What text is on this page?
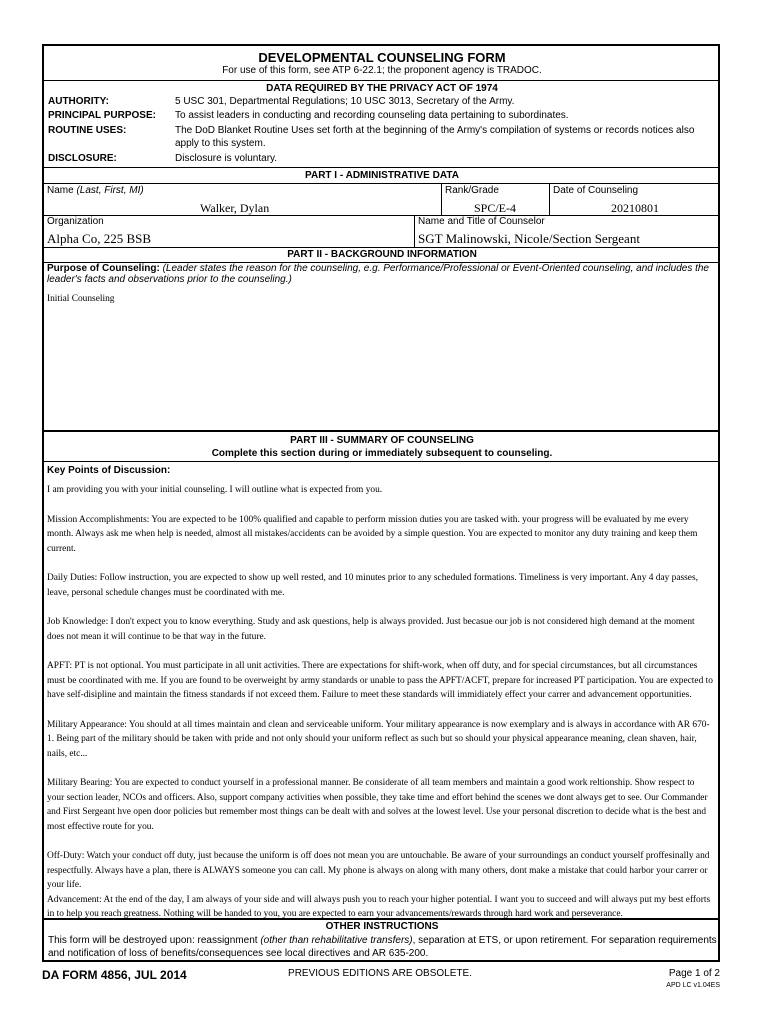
DEVELOPMENTAL COUNSELING FORM
For use of this form, see ATP 6-22.1; the proponent agency is TRADOC.
DATA REQUIRED BY THE PRIVACY ACT OF 1974
AUTHORITY:	5 USC 301, Departmental Regulations; 10 USC 3013, Secretary of the Army.
PRINCIPAL PURPOSE:	To assist leaders in conducting and recording counseling data pertaining to subordinates.
ROUTINE USES:	The DoD Blanket Routine Uses set forth at the beginning of the Army's compilation of systems or records notices also apply to this system.
DISCLOSURE:	Disclosure is voluntary.
PART I - ADMINISTRATIVE DATA
Name (Last, First, MI)
Walker, Dylan
Rank/Grade
SPC/E-4
Date of Counseling
20210801
Organization
Alpha Co, 225 BSB
Name and Title of Counselor
SGT Malinowski, Nicole/Section Sergeant
PART II - BACKGROUND INFORMATION
Purpose of Counseling: (Leader states the reason for the counseling, e.g. Performance/Professional or Event-Oriented counseling, and includes the leader's facts and observations prior to the counseling.)
Initial Counseling
PART III - SUMMARY OF COUNSELING
Complete this section during or immediately subsequent to counseling.
Key Points of Discussion:

I am providing you with your initial counseling. I will outline what is expected from you.

Mission Accomplishments: You are expected to be 100% qualified and capable to perform mission duties you are tasked with. your progress will be evaluated by me every month. Always ask me when help is needed, almost all mistakes/accidents can be avoided by a simple question. You are expected to monitor any duty training and keep them current.

Daily Duties: Follow instruction, you are expected to show up well rested, and 10 minutes prior to any scheduled formations. Timeliness is very important. Any 4 day passes, leave, personal schedule changes must be coordinated with me.

Job Knowledge: I don't expect you to know everything. Study and ask questions, help is always provided. Just becasue our job is not considered high demand at the moment does not mean it will continue to be that way in the future.

APFT: PT is not optional. You must participate in all unit activities. There are expectations for shift-work, when off duty, and for special circumstances, but all circumstances must be coordinated with me. If you are found to be overweight by army standards or unable to pass the APFT/ACFT, prepare for increased PT participation. You are expected to have self-disipline and maintain the fitness standards if not exceed them. Failure to meet these standards will immidiately effect your carrer and advancement opportunities.

Military Appearance: You should at all times maintain and clean and serviceable uniform. Your military appearance is now exemplary and is always in accordance with AR 670-1. Being part of the military should be taken with pride and not only should your uniform reflect as such but so should your physical appearance meaning, clean shaven, hair, nails, etc...

Military Bearing: You are expected to conduct yourself in a professional manner. Be considerate of all team members and maintain a good work reltionship. Show respect to your section leader, NCOs and officers. Also, support company activities when possible, they take time and effort behind the scenes we dont always get to see. Our Commander and First Sergeant hve open door policies but remember most things can be dealt with and solves at the lowest level. Use your personal discretion to decide what is the best and most effective route for you.

Off-Duty: Watch your conduct off duty, just because the uniform is off does not mean you are untouchable. Be aware of your surroundings an conduct yourself proffesinally and respectfully. Always have a plan, there is ALWAYS someone you can call. My phone is always on along with many others, dont make a mistake that could harbor your carrer or your life.

Advancement: At the end of the day, I am always of your side and will always push you to reach your higher potential. I want you to succeed and will always put my best efforts in to help you reach greatness. Nothing will be handed to you, you are expected to earn your advancements/rewards through hard work and perseverance.

OTHER INSTRUCTIONS
This form will be destroyed upon: reassignment (other than rehabilitative transfers), separation at ETS, or upon retirement. For separation requirements and notification of loss of benefits/consequences see local directives and AR 635-200.
DA FORM 4856, JUL 2014	PREVIOUS EDITIONS ARE OBSOLETE.	Page 1 of 2
APD LC v1.04ES
